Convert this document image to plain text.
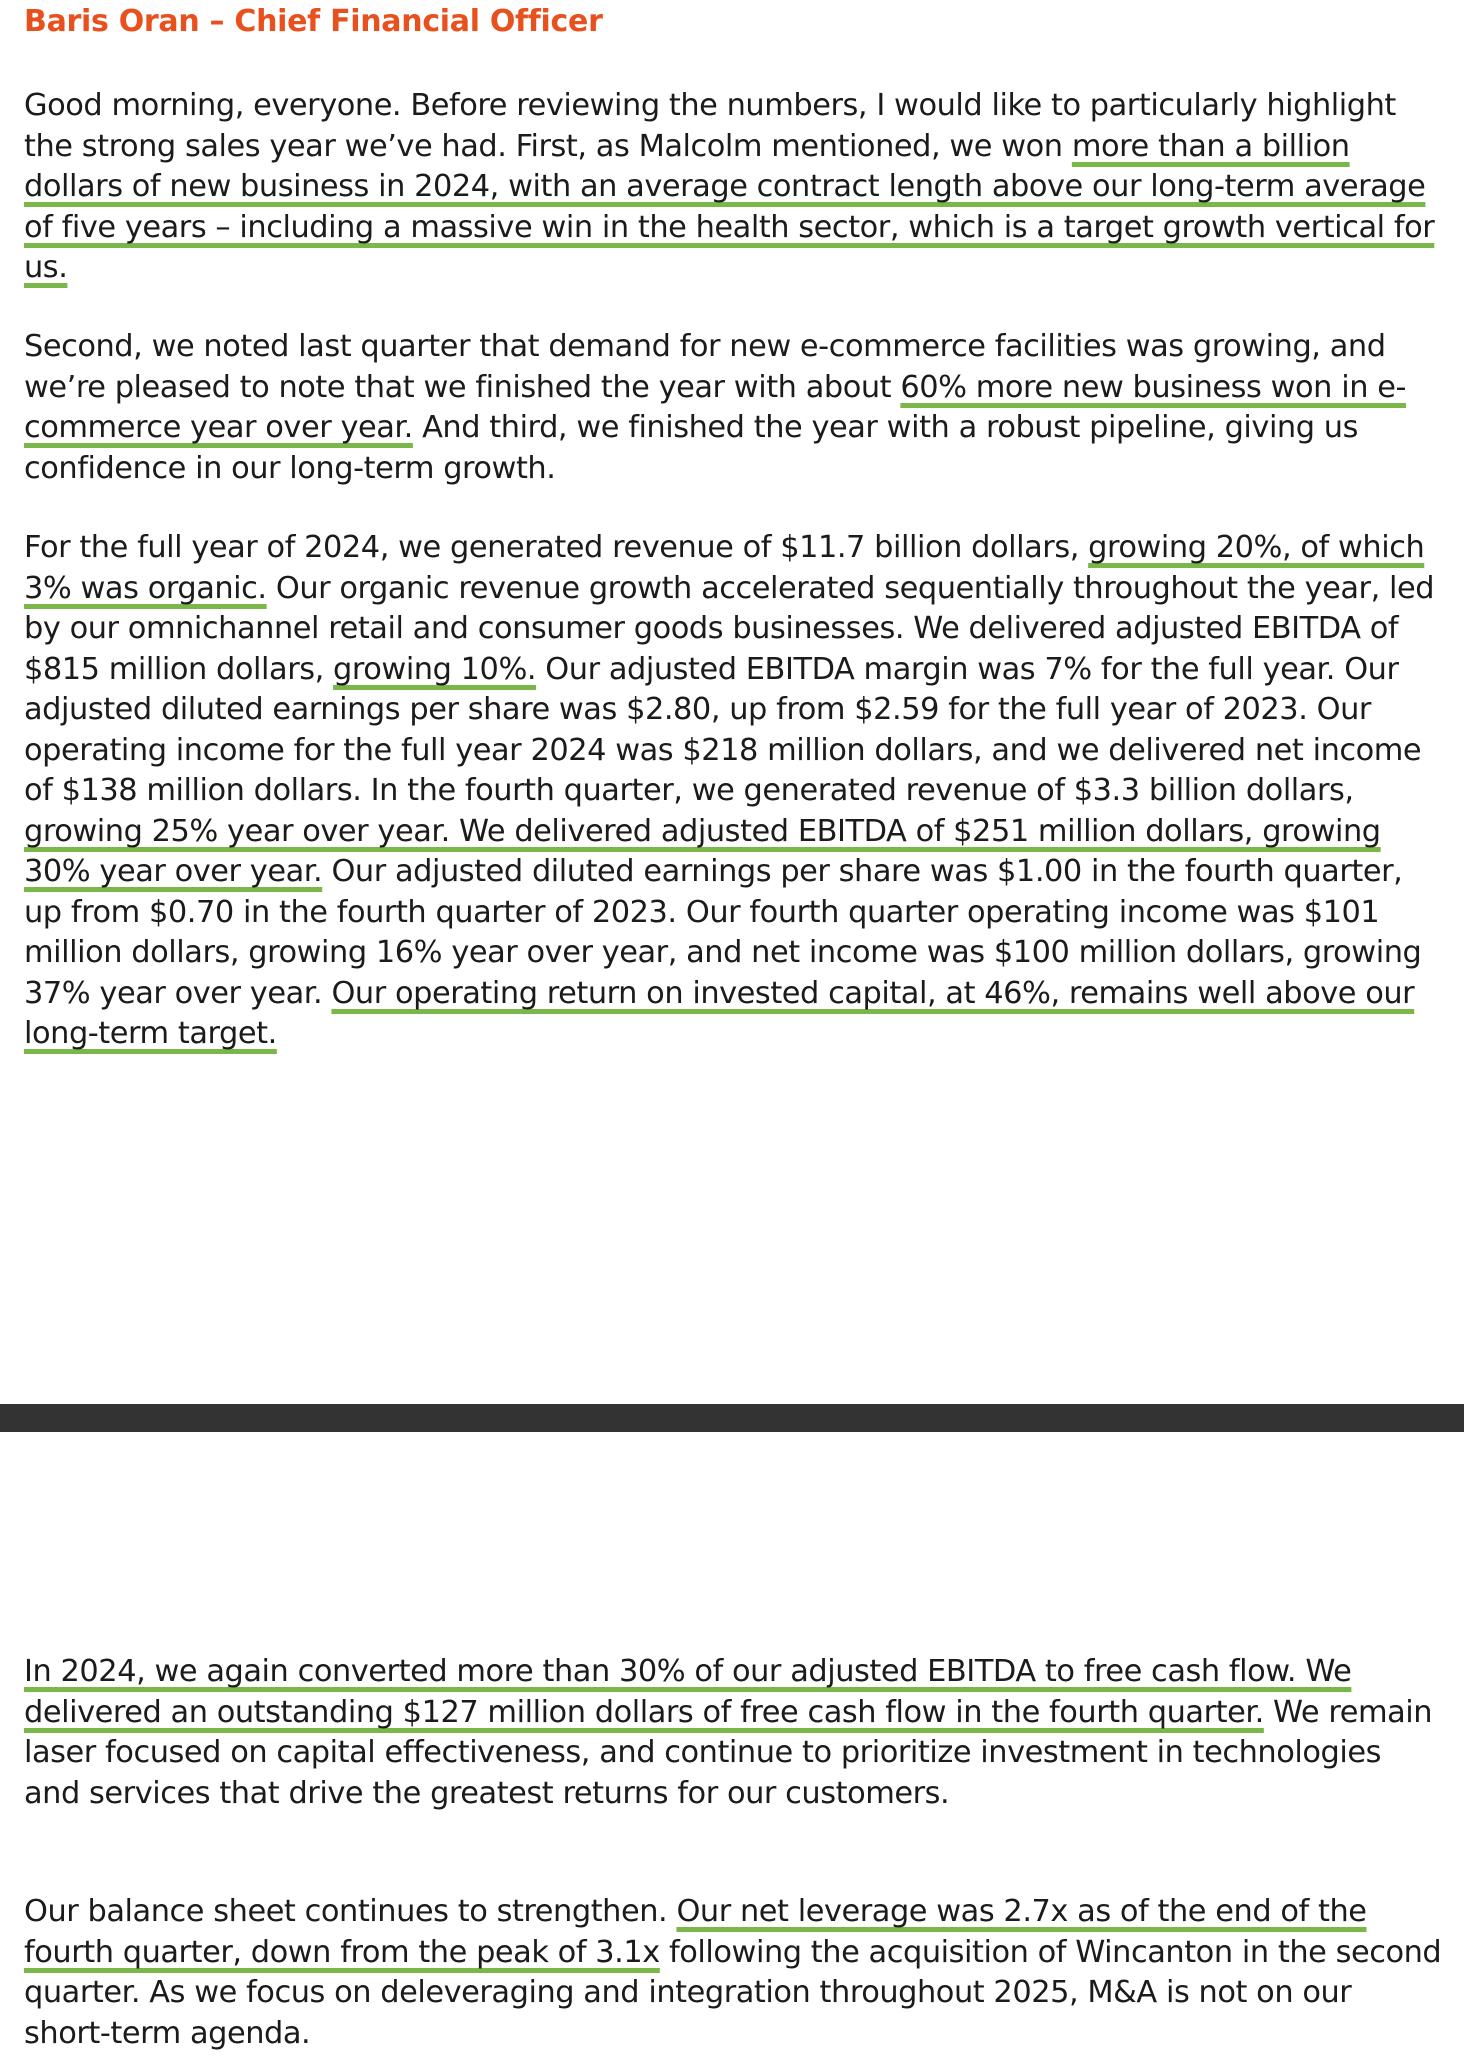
Baris Oran – Chief Financial Officer

Good morning, everyone. Before reviewing the numbers, I would like to particularly highlight the strong sales year we’ve had. First, as Malcolm mentioned, we won more than a billion dollars of new business in 2024, with an average contract length above our long-term average of five years – including a massive win in the health sector, which is a target growth vertical for us.

Second, we noted last quarter that demand for new e-commerce facilities was growing, and we’re pleased to note that we finished the year with about 60% more new business won in e-commerce year over year. And third, we finished the year with a robust pipeline, giving us confidence in our long-term growth.

For the full year of 2024, we generated revenue of $11.7 billion dollars, growing 20%, of which 3% was organic. Our organic revenue growth accelerated sequentially throughout the year, led by our omnichannel retail and consumer goods businesses. We delivered adjusted EBITDA of $815 million dollars, growing 10%. Our adjusted EBITDA margin was 7% for the full year. Our adjusted diluted earnings per share was $2.80, up from $2.59 for the full year of 2023. Our operating income for the full year 2024 was $218 million dollars, and we delivered net income of $138 million dollars. In the fourth quarter, we generated revenue of $3.3 billion dollars, growing 25% year over year. We delivered adjusted EBITDA of $251 million dollars, growing 30% year over year. Our adjusted diluted earnings per share was $1.00 in the fourth quarter, up from $0.70 in the fourth quarter of 2023. Our fourth quarter operating income was $101 million dollars, growing 16% year over year, and net income was $100 million dollars, growing 37% year over year. Our operating return on invested capital, at 46%, remains well above our long-term target.

In 2024, we again converted more than 30% of our adjusted EBITDA to free cash flow. We delivered an outstanding $127 million dollars of free cash flow in the fourth quarter. We remain laser focused on capital effectiveness, and continue to prioritize investment in technologies and services that drive the greatest returns for our customers.

Our balance sheet continues to strengthen. Our net leverage was 2.7x as of the end of the fourth quarter, down from the peak of 3.1x following the acquisition of Wincanton in the second quarter. As we focus on deleveraging and integration throughout 2025, M&A is not on our short-term agenda.
